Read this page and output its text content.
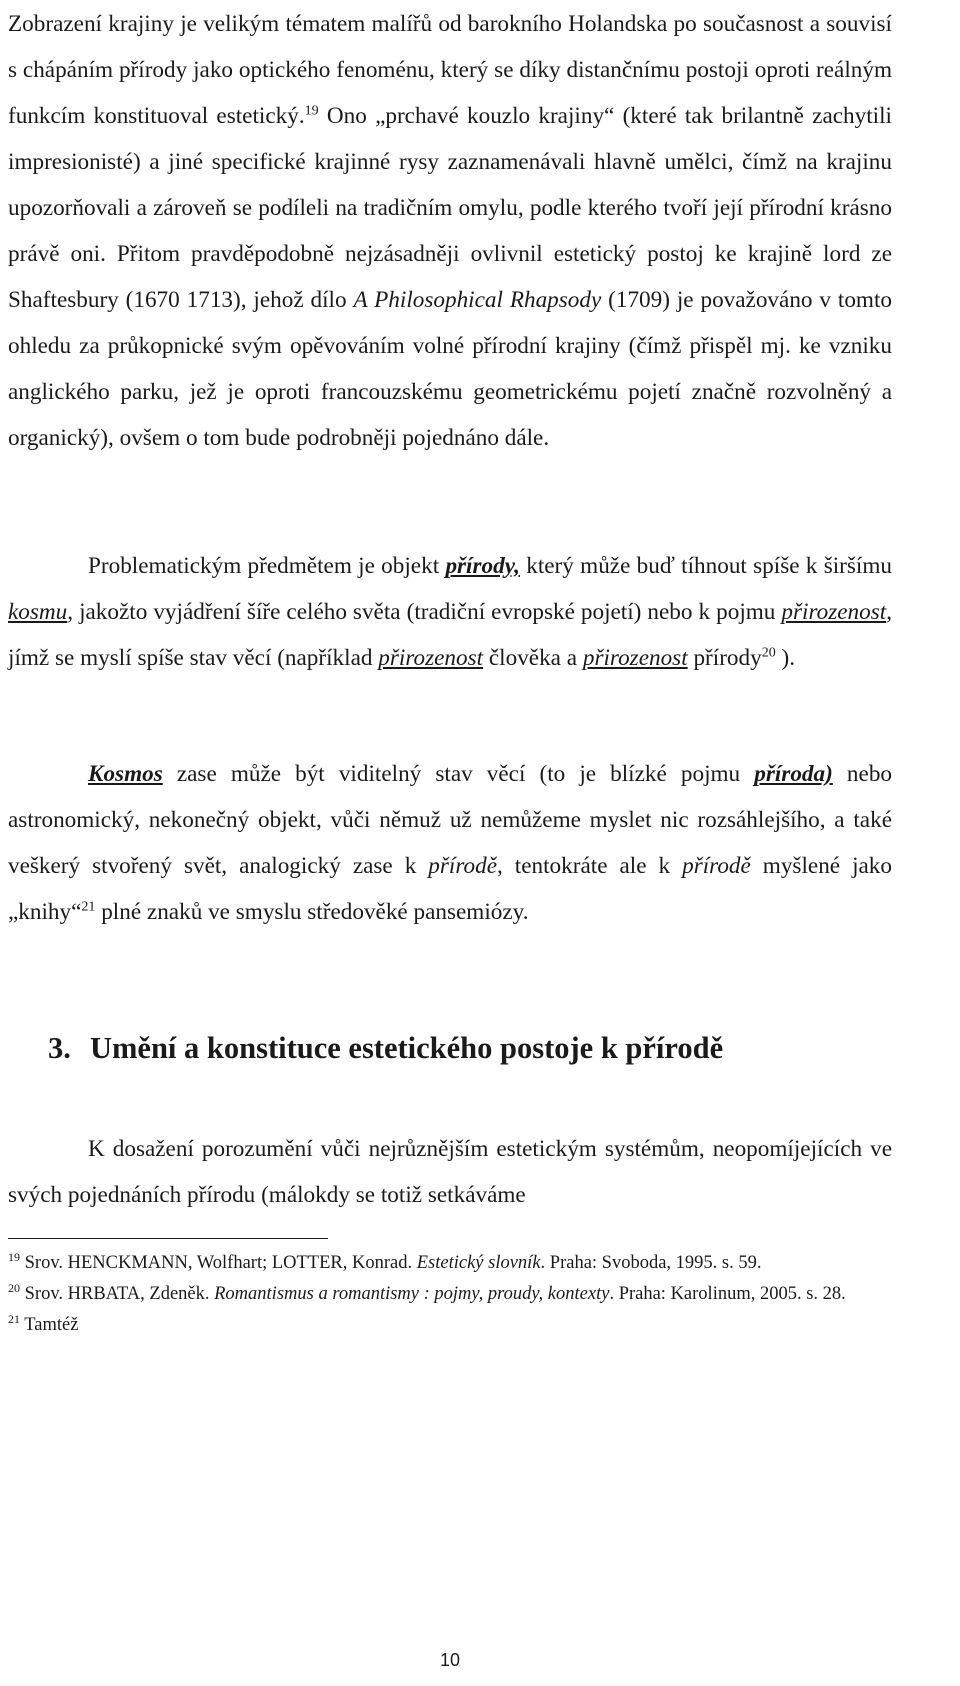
Zobrazení krajiny je velikým tématem malířů od barokního Holandska po současnost a souvisí s chápáním přírody jako optického fenoménu, který se díky distančnímu postoji oproti reálným funkcím konstituoval estetický.$^{19}$ Ono „prchavé kouzlo krajiny“ (které tak brilantně zachytili impresionisté) a jiné specifické krajinné rysy zaznamenávali hlavně umělci, čímž na krajinu upozorňovali a zároveň se podíleli na tradičním omylu, podle kterého tvoří její přírodní krásno právě oni. Přitom pravděpodobně nejzásadněji ovlivnil estetický postoj ke krajině lord ze Shaftesbury (1670 1713), jehož dílo A Philosophical Rhapsody (1709) je považováno v tomto ohledu za průkopnické svým opěvováním volné přírodní krajiny (čímž přispěl mj. ke vzniku anglického parku, jež je oproti francouzskému geometrickému pojetí značně rozvolněný a organický), ovšem o tom bude podrobněji pojednáno dále.

Problematickým předmětem je objekt přírody, který může buď tíhnout spíše k širšímu kosmu, jakožto vyjádření šíře celého světa (tradiční evropské pojetí) nebo k pojmu přirozenost, jímž se myslí spíše stav věcí (například přirozenost člověka a přirozenost přírody$^{20}$ ).

Kosmos zase může být viditelný stav věcí (to je blízké pojmu příroda) nebo astronomický, nekonečný objekt, vůči němuž už nemůžeme myslet nic rozsáhlejšího, a také veškerý stvořený svět, analogický zase k přírodě, tentokráte ale k přírodě myšlené jako „knihy“$^{21}$ plné znaků ve smyslu středověké pansemiózy.

3. Umění a konstituce estetického postoje k přírodě

K dosažení porozumění vůči nejrůznějším estetickým systémům, neopomíjejících ve svých pojednáních přírodu (málokdy se totiž setkáváme

$^{19}$ Srov. HENCKMANN, Wolfhart; LOTTER, Konrad. Estetický slovník. Praha: Svoboda, 1995. s. 59.

$^{20}$ Srov. HRBATA, Zdeněk. Romantismus a romantismy : pojmy, proudy, kontexty. Praha: Karolinum, 2005. s. 28.

$^{21}$ Tamtéž

10
